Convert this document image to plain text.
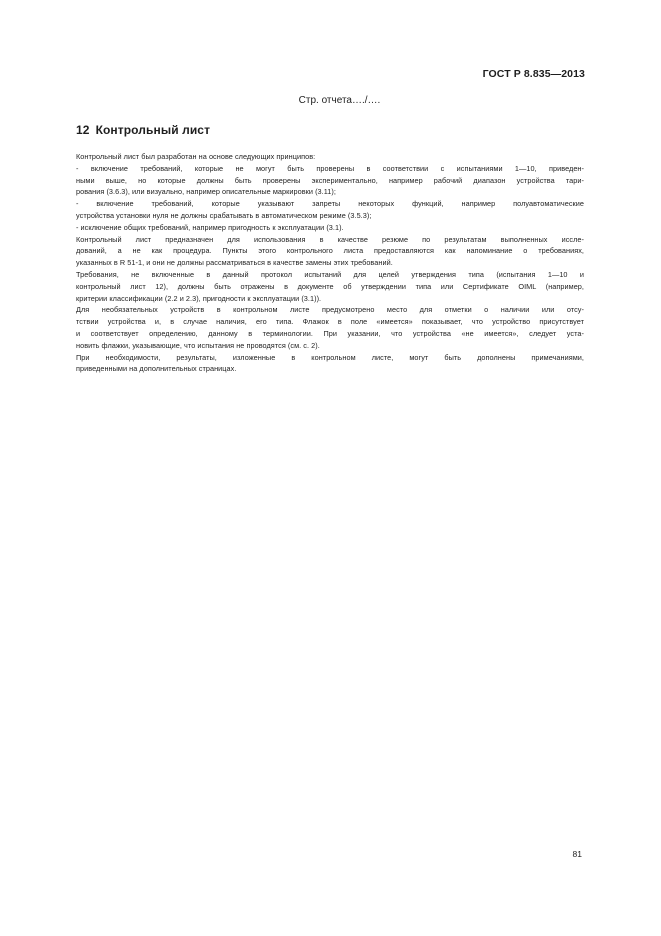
ГОСТ Р 8.835—2013
Стр. отчета…./….
12 Контрольный лист
Контрольный лист был разработан на основе следующих принципов:
- включение требований, которые не могут быть проверены в соответствии с испытаниями 1—10, приведен-
ными выше, но которые должны быть проверены экспериментально, например рабочий диапазон устройства тари-
рования (3.6.3), или визуально, например описательные маркировки (3.11);
- включение требований, которые указывают запреты некоторых функций, например полуавтоматические
устройства установки нуля не должны срабатывать в автоматическом режиме (3.5.3);
- исключение общих требований, например пригодность к эксплуатации (3.1).
Контрольный лист предназначен для использования в качестве резюме по результатам выполненных иссле-
дований, а не как процедура. Пункты этого контрольного листа предоставляются как напоминание о требованиях,
указанных в R 51-1, и они не должны рассматриваться в качестве замены этих требований.
Требования, не включенные в данный протокол испытаний для целей утверждения типа (испытания 1—10 и
контрольный лист 12), должны быть отражены в документе об утверждении типа или Сертификате OIML (например,
критерии классификации (2.2 и 2.3), пригодности к эксплуатации (3.1)).
Для необязательных устройств в контрольном листе предусмотрено место для отметки о наличии или отсу-
тствии устройства и, в случае наличия, его типа. Флажок в поле «имеется» показывает, что устройство присутствует
и соответствует определению, данному в терминологии. При указании, что устройства «не имеется», следует уста-
новить флажки, указывающие, что испытания не проводятся (см. с. 2).
При необходимости, результаты, изложенные в контрольном листе, могут быть дополнены примечаниями,
приведенными на дополнительных страницах.
81
